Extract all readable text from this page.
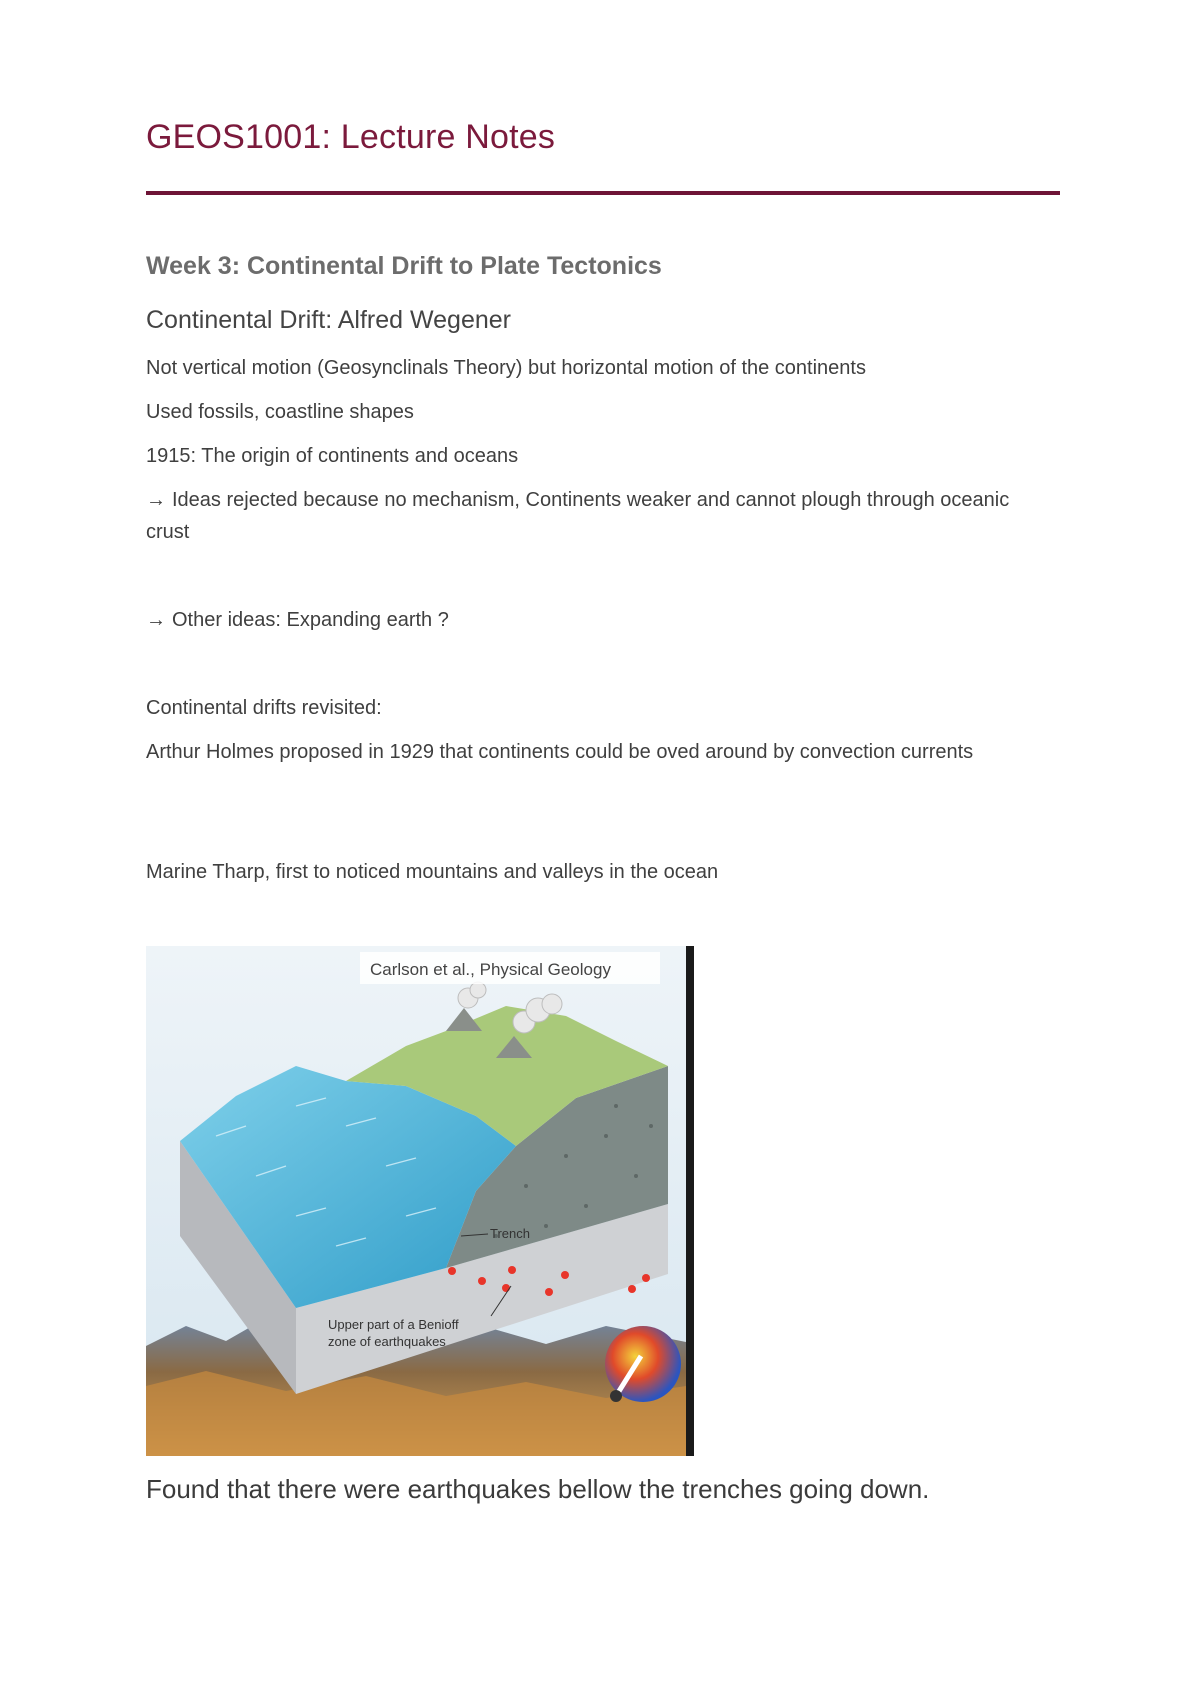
GEOS1001: Lecture Notes
Week 3: Continental Drift to Plate Tectonics
Continental Drift: Alfred Wegener
Not vertical motion (Geosynclinals Theory) but horizontal motion of the continents
Used fossils, coastline shapes
1915: The origin of continents and oceans
→ Ideas rejected because no mechanism, Continents weaker and cannot plough through oceanic crust
→ Other ideas: Expanding earth ?
Continental drifts revisited:
Arthur Holmes proposed in 1929 that continents could be oved around by convection currents
Marine Tharp, first to noticed mountains and valleys in the ocean
Trench
Upper part of a Benioff
zone of earthquakes
Carlson et al., Physical Geology
Found that there were earthquakes bellow the trenches going down.
